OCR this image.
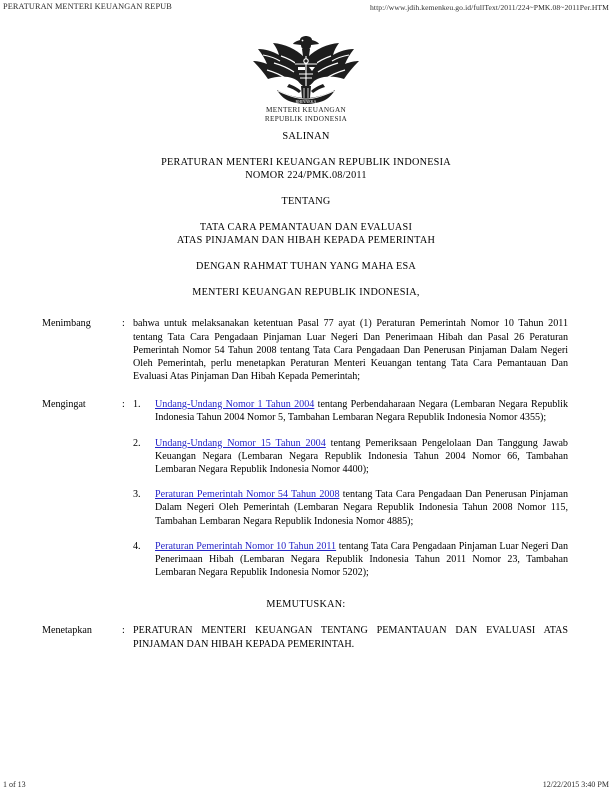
PERATURAN MENTERI KEUANGAN REPUB	http://www.jdih.kemenkeu.go.id/fullText/2011/224~PMK.08~2011Per.HTM
BHINNEKA
MENTERI KEUANGAN
REPUBLIK INDONESIA
SALINAN
PERATURAN MENTERI KEUANGAN REPUBLIK INDONESIA
NOMOR 224/PMK.08/2011
TENTANG
TATA CARA PEMANTAUAN DAN EVALUASI
ATAS PINJAMAN DAN HIBAH KEPADA PEMERINTAH
DENGAN RAHMAT TUHAN YANG MAHA ESA
MENTERI KEUANGAN REPUBLIK INDONESIA,
Menimbang	: bahwa untuk melaksanakan ketentuan Pasal 77 ayat (1) Peraturan Pemerintah Nomor 10 Tahun 2011 tentang Tata Cara Pengadaan Pinjaman Luar Negeri Dan Penerimaan Hibah dan Pasal 26 Peraturan Pemerintah Nomor 54 Tahun 2008 tentang Tata Cara Pengadaan Dan Penerusan Pinjaman Dalam Negeri Oleh Pemerintah, perlu menetapkan Peraturan Menteri Keuangan tentang Tata Cara Pemantauan Dan Evaluasi Atas Pinjaman Dan Hibah Kepada Pemerintah;
Mengingat	: 1. Undang-Undang Nomor 1 Tahun 2004 tentang Perbendaharaan Negara (Lembaran Negara Republik Indonesia Tahun 2004 Nomor 5, Tambahan Lembaran Negara Republik Indonesia Nomor 4355);
2. Undang-Undang Nomor 15 Tahun 2004 tentang Pemeriksaan Pengelolaan Dan Tanggung Jawab Keuangan Negara (Lembaran Negara Republik Indonesia Tahun 2004 Nomor 66, Tambahan Lembaran Negara Republik Indonesia Nomor 4400);
3. Peraturan Pemerintah Nomor 54 Tahun 2008 tentang Tata Cara Pengadaan Dan Penerusan Pinjaman Dalam Negeri Oleh Pemerintah (Lembaran Negara Republik Indonesia Tahun 2008 Nomor 115, Tambahan Lembaran Negara Republik Indonesia Nomor 4885);
4. Peraturan Pemerintah Nomor 10 Tahun 2011 tentang Tata Cara Pengadaan Pinjaman Luar Negeri Dan Penerimaan Hibah (Lembaran Negara Republik Indonesia Tahun 2011 Nomor 23, Tambahan Lembaran Negara Republik Indonesia Nomor 5202);
MEMUTUSKAN:
Menetapkan	: PERATURAN MENTERI KEUANGAN TENTANG PEMANTAUAN DAN EVALUASI ATAS PINJAMAN DAN HIBAH KEPADA PEMERINTAH.
1 of 13	12/22/2015 3:40 PM
